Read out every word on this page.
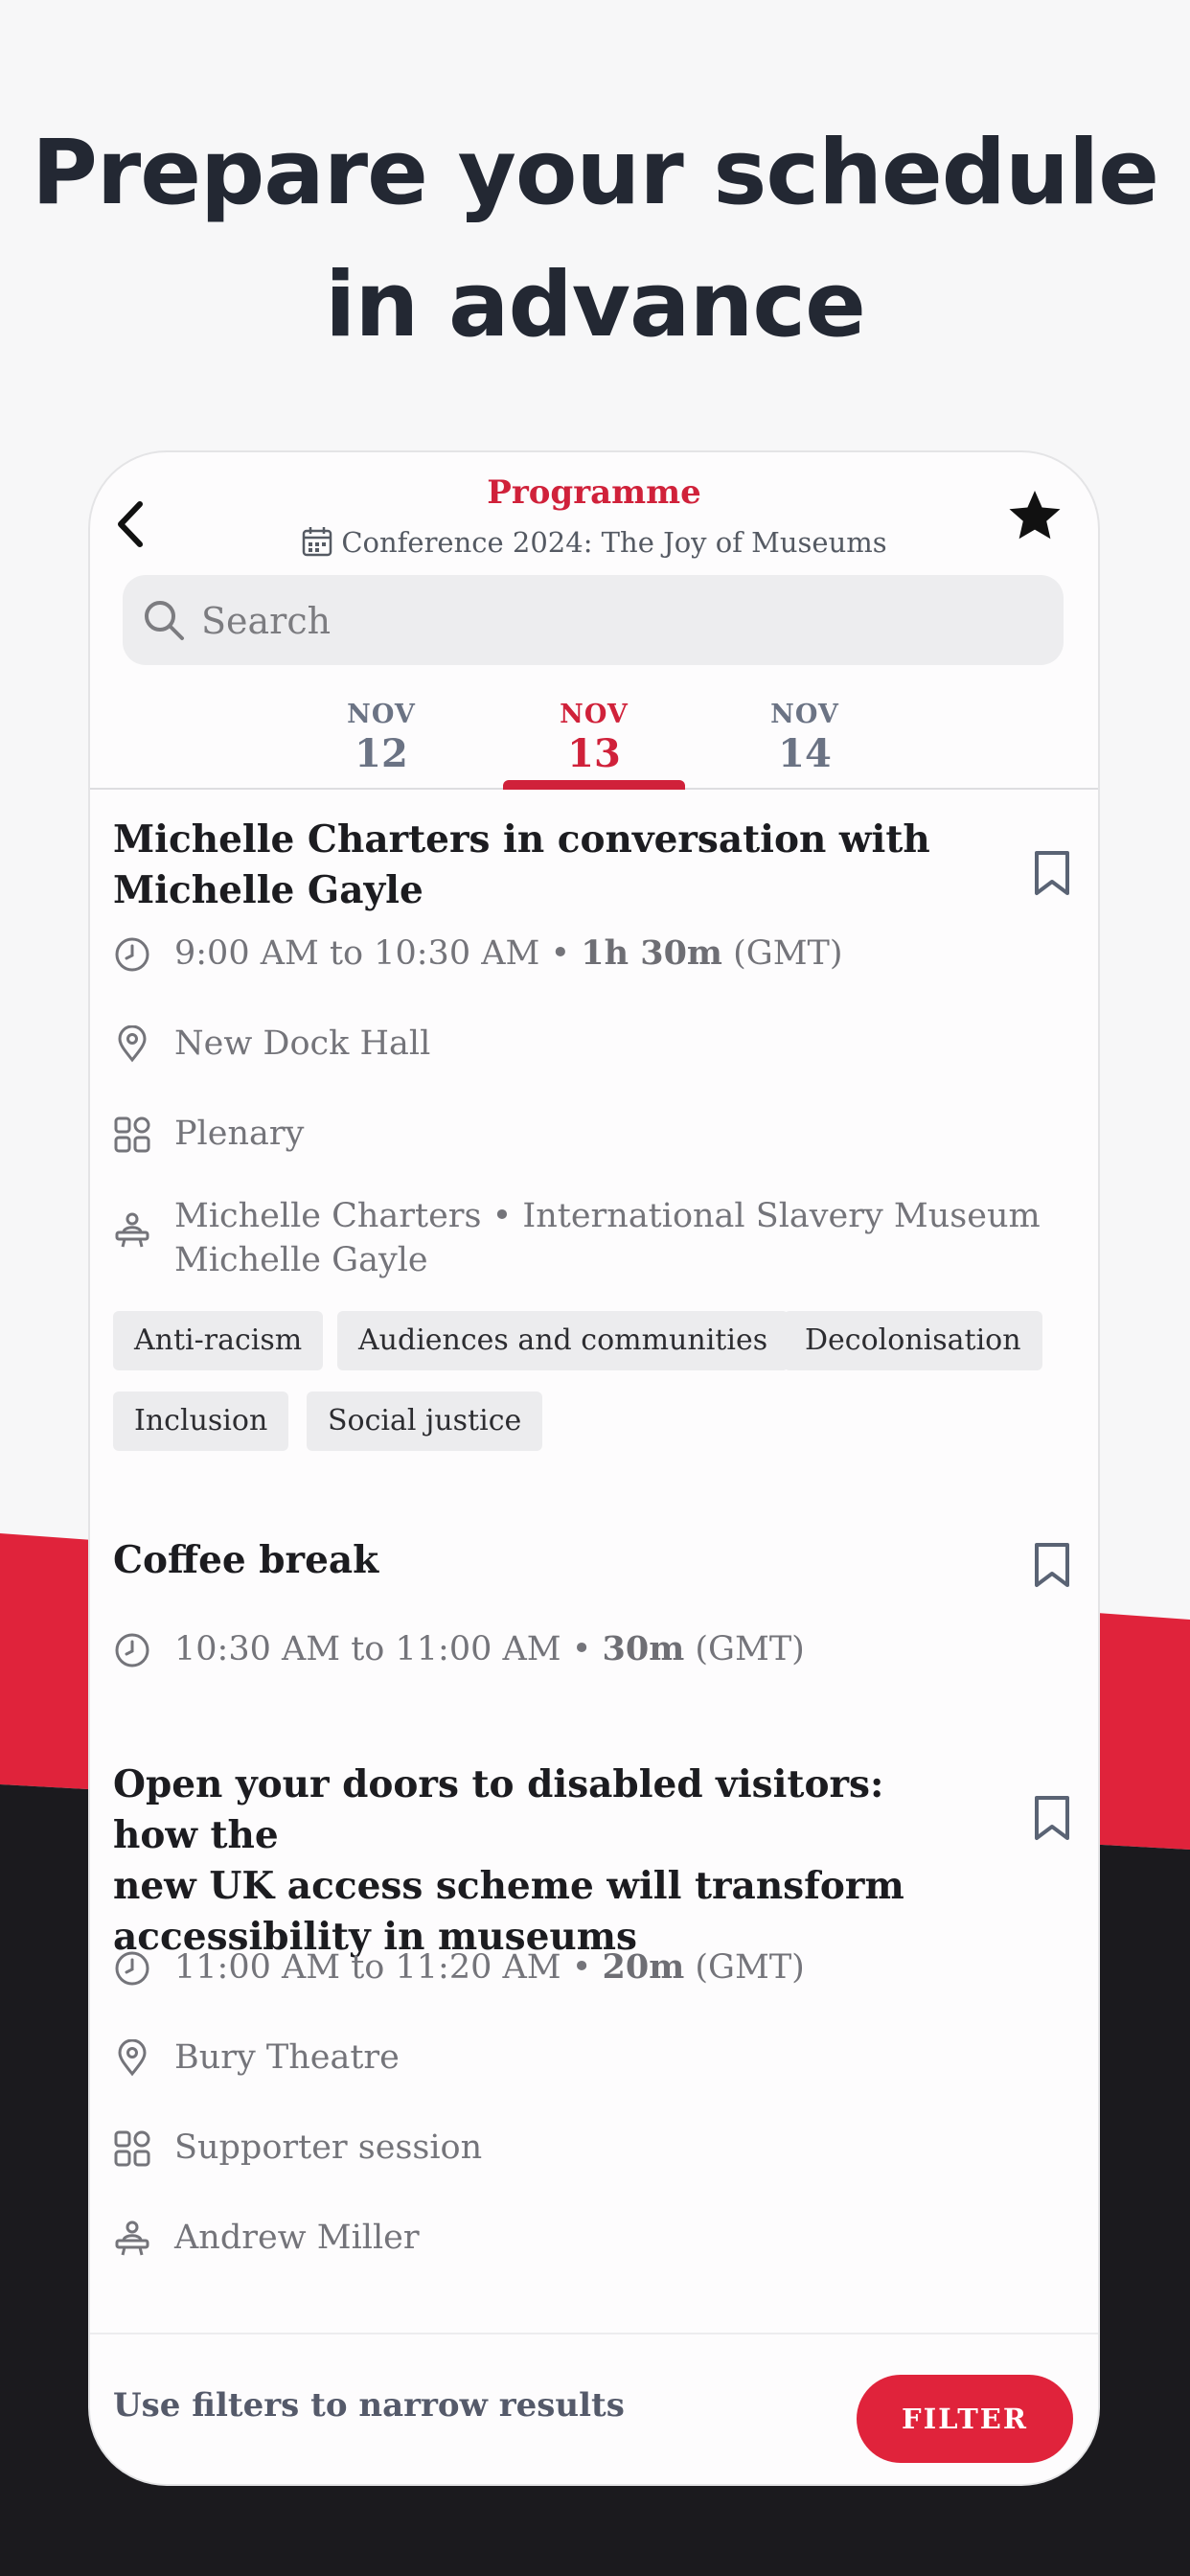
Prepare your schedule
in advance
Programme
Conference 2024: The Joy of Museums
Search
NOV
12
NOV
13
NOV
14
Michelle Charters in conversation with
Michelle Gayle
9:00 AM to 10:30 AM • 1h 30m (GMT)
New Dock Hall
Plenary
Michelle Charters • International Slavery Museum
Michelle Gayle
Anti-racism	Audiences and communities	Decolonisation
Inclusion	Social justice
Coffee break
10:30 AM to 11:00 AM • 30m (GMT)
Open your doors to disabled visitors: how the
new UK access scheme will transform
accessibility in museums
11:00 AM to 11:20 AM • 20m (GMT)
Bury Theatre
Supporter session
Andrew Miller
Use filters to narrow results	FILTER
